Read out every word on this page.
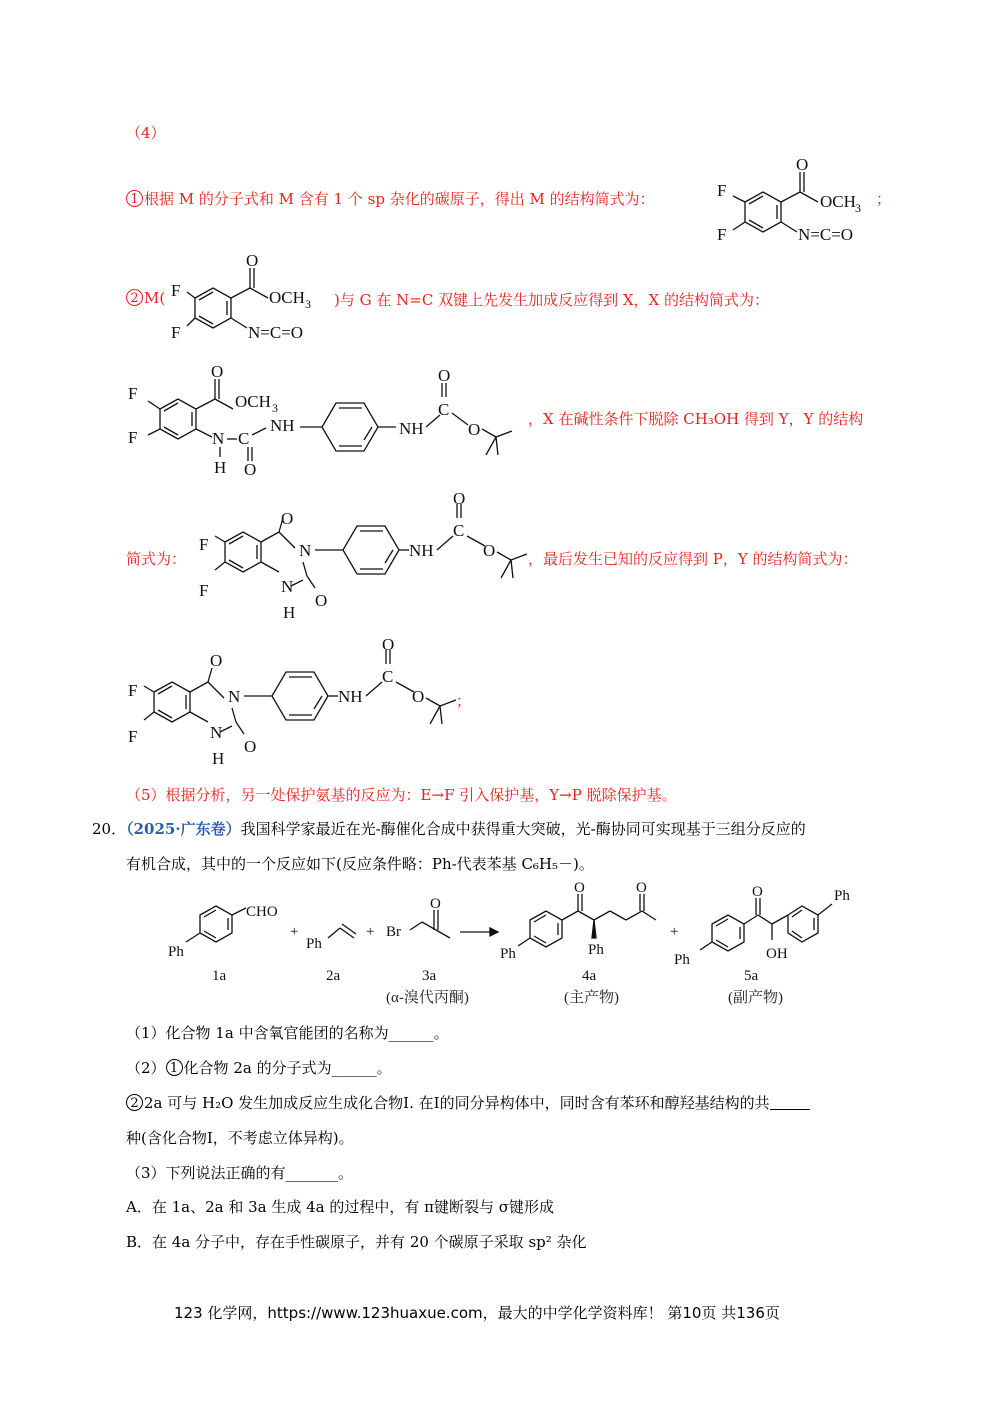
（4）
1 根据 M 的分子式和 M 含有 1 个 sp 杂化的碳原子，得出 M 的结构简式为：
O
OCH 3
F
F	N=C=O
；
2 M(
O
OCH 3
F
F	N=C=O
)与 G 在 N=C 双键上先发生加成反应得到 X，X 的结构简式为：
O
OCH 3
F
F	N C
H O
NH	NH
C
O
O
，X 在碱性条件下脱除 CH₃OH 得到 Y，Y 的结构
简式为：
F
F
O
N
N
H
O
NH
C
O
O ，最后发生已知的反应得到 P，Y 的结构简式为：
F
F
O
N
N
H
O
NH
C
O
O ；
（5）根据分析，另一处保护氨基的反应为：E→F 引入保护基，Y→P 脱除保护基。
20．（2025·广东卷）我国科学家最近在光-酶催化合成中获得重大突破，光-酶协同可实现基于三组分反应的
有机合成，其中的一个反应如下(反应条件略：Ph-代表苯基 C₆H₅－)。
CHO
Ph
1a
+
Ph
2a
+ Br
O
3a
(α-溴代丙酮)
Ph
O
Ph
O
4a
(主产物)
+
Ph
O
OH
Ph
5a
(副产物)
（1）化合物 1a 中含氧官能团的名称为______。
（2） 1 化合物 2a 的分子式为______。
2 2a 可与 H₂O 发生加成反应生成化合物Ⅰ. 在Ⅰ的同分异构体中，同时含有苯环和醇羟基结构的共
种(含化合物Ⅰ，不考虑立体异构)。
（3）下列说法正确的有_______。
A．在 1a、2a 和 3a 生成 4a 的过程中，有 π键断裂与 σ键形成
B．在 4a 分子中，存在手性碳原子，并有 20 个碳原子采取 sp² 杂化
123 化学网，https://www.123huaxue.com，最大的中学化学资料库！ 第10页 共136页
